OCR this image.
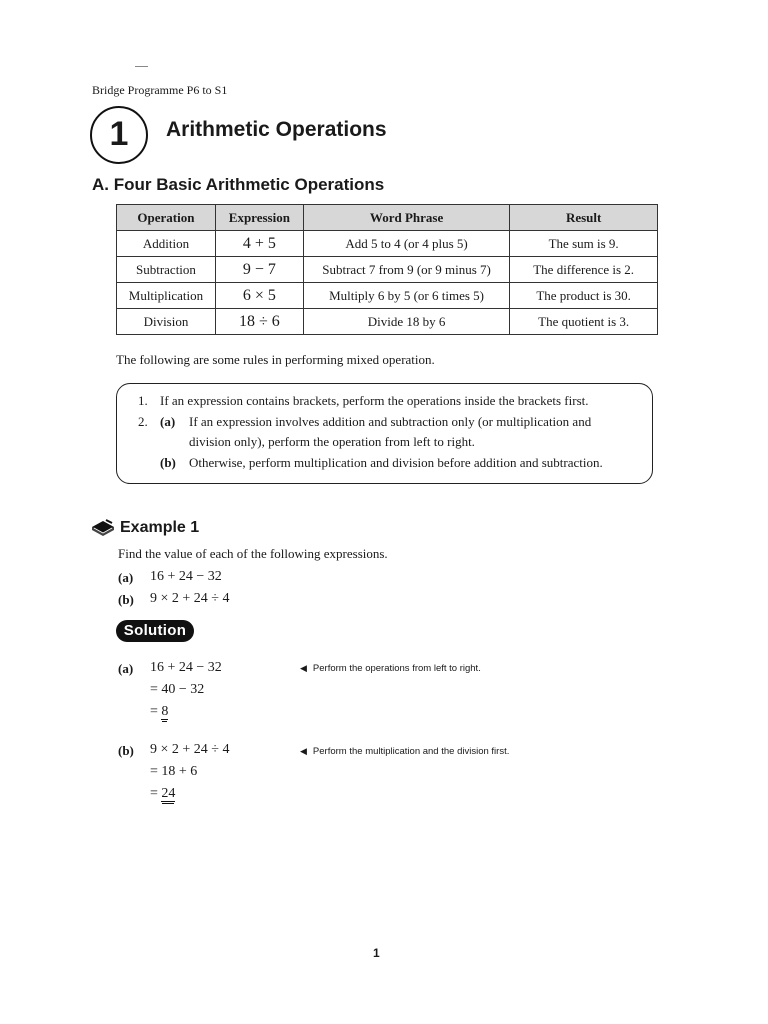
Bridge Programme P6 to S1
1	Arithmetic Operations
A. Four Basic Arithmetic Operations
Operation	Expression	Word Phrase	Result
Addition	4 + 5	Add 5 to 4 (or 4 plus 5)	The sum is 9.
Subtraction	9 − 7	Subtract 7 from 9 (or 9 minus 7)	The difference is 2.
Multiplication	6 × 5	Multiply 6 by 5 (or 6 times 5)	The product is 30.
Division	18 ÷ 6	Divide 18 by 6	The quotient is 3.
The following are some rules in performing mixed operation.
1. If an expression contains brackets, perform the operations inside the brackets first.
2. (a) If an expression involves addition and subtraction only (or multiplication and
division only), perform the operation from left to right.
(b) Otherwise, perform multiplication and division before addition and subtraction.
Example 1
Find the value of each of the following expressions.
(a) 16 + 24 − 32
(b) 9 × 2 + 24 ÷ 4
Solution
(a) 16 + 24 − 32
= 40 − 32
= 8
◀ Perform the operations from left to right.
(b) 9 × 2 + 24 ÷ 4
= 18 + 6
= 24
◀ Perform the multiplication and the division first.
1
